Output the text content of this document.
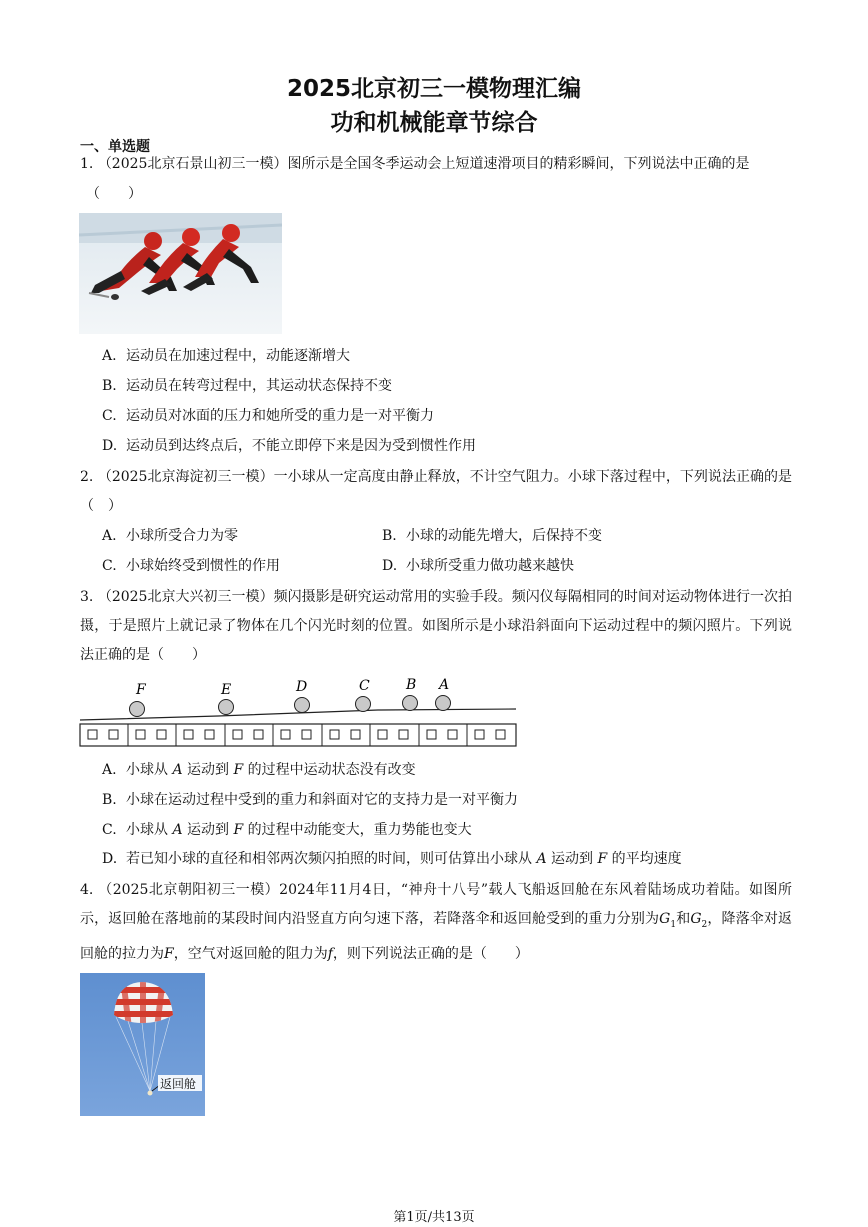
2025北京初三一模物理汇编
功和机械能章节综合
一、单选题
1. （2025北京石景山初三一模）图所示是全国冬季运动会上短道速滑项目的精彩瞬间，下列说法中正确的是
（　　）
A. 运动员在加速过程中，动能逐渐增大
B. 运动员在转弯过程中，其运动状态保持不变
C. 运动员对冰面的压力和她所受的重力是一对平衡力
D. 运动员到达终点后，不能立即停下来是因为受到惯性作用
2. （2025北京海淀初三一模）一小球从一定高度由静止释放，不计空气阻力。小球下落过程中，下列说法正确的是（　）
A. 小球所受合力为零	B. 小球的动能先增大，后保持不变
C. 小球始终受到惯性的作用	D. 小球所受重力做功越来越快
3. （2025北京大兴初三一模）频闪摄影是研究运动常用的实验手段。频闪仪每隔相同的时间对运动物体进行一次拍摄，于是照片上就记录了物体在几个闪光时刻的位置。如图所示是小球沿斜面向下运动过程中的频闪照片。下列说法正确的是（　　）
F	E	D	C	B A
A. 小球从 A 运动到 F 的过程中运动状态没有改变
B. 小球在运动过程中受到的重力和斜面对它的支持力是一对平衡力
C. 小球从 A 运动到 F 的过程中动能变大，重力势能也变大
D. 若已知小球的直径和相邻两次频闪拍照的时间，则可估算出小球从 A 运动到 F 的平均速度
4. （2025北京朝阳初三一模）2024年11月4日，“神舟十八号”载人飞船返回舱在东风着陆场成功着陆。如图所示，返回舱在落地前的某段时间内沿竖直方向匀速下落，若降落伞和返回舱受到的重力分别为$G_1$和$G_2$，降落伞对返回舱的拉力为F，空气对返回舱的阻力为f，则下列说法正确的是（　　）
返回舱
第1页/共13页
